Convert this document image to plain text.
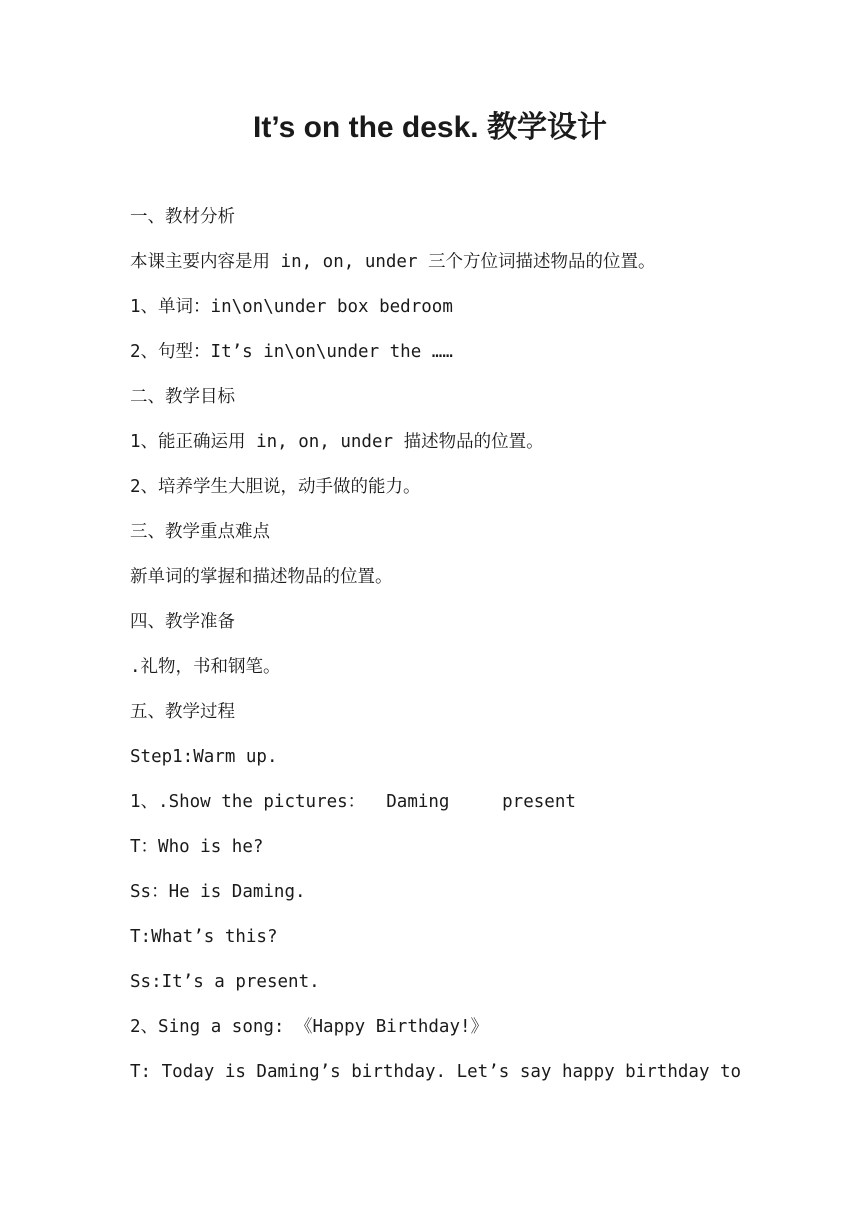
It’s on the desk. 教学设计
一、教材分析
本课主要内容是用 in, on, under 三个方位词描述物品的位置。
1、单词：in\on\under box bedroom
2、句型：It’s in\on\under the ……
二、教学目标
1、能正确运用 in, on, under 描述物品的位置。
2、培养学生大胆说，动手做的能力。
三、教学重点难点
新单词的掌握和描述物品的位置。
四、教学准备
.礼物，书和钢笔。
五、教学过程
Step1:Warm up.
1、.Show the pictures：  Daming     present
T：Who is he?
Ss：He is Daming.
T:What’s this?
Ss:It’s a present.
2、Sing a song: 《Happy Birthday!》
T: Today is Daming’s birthday. Let’s say happy birthday to
